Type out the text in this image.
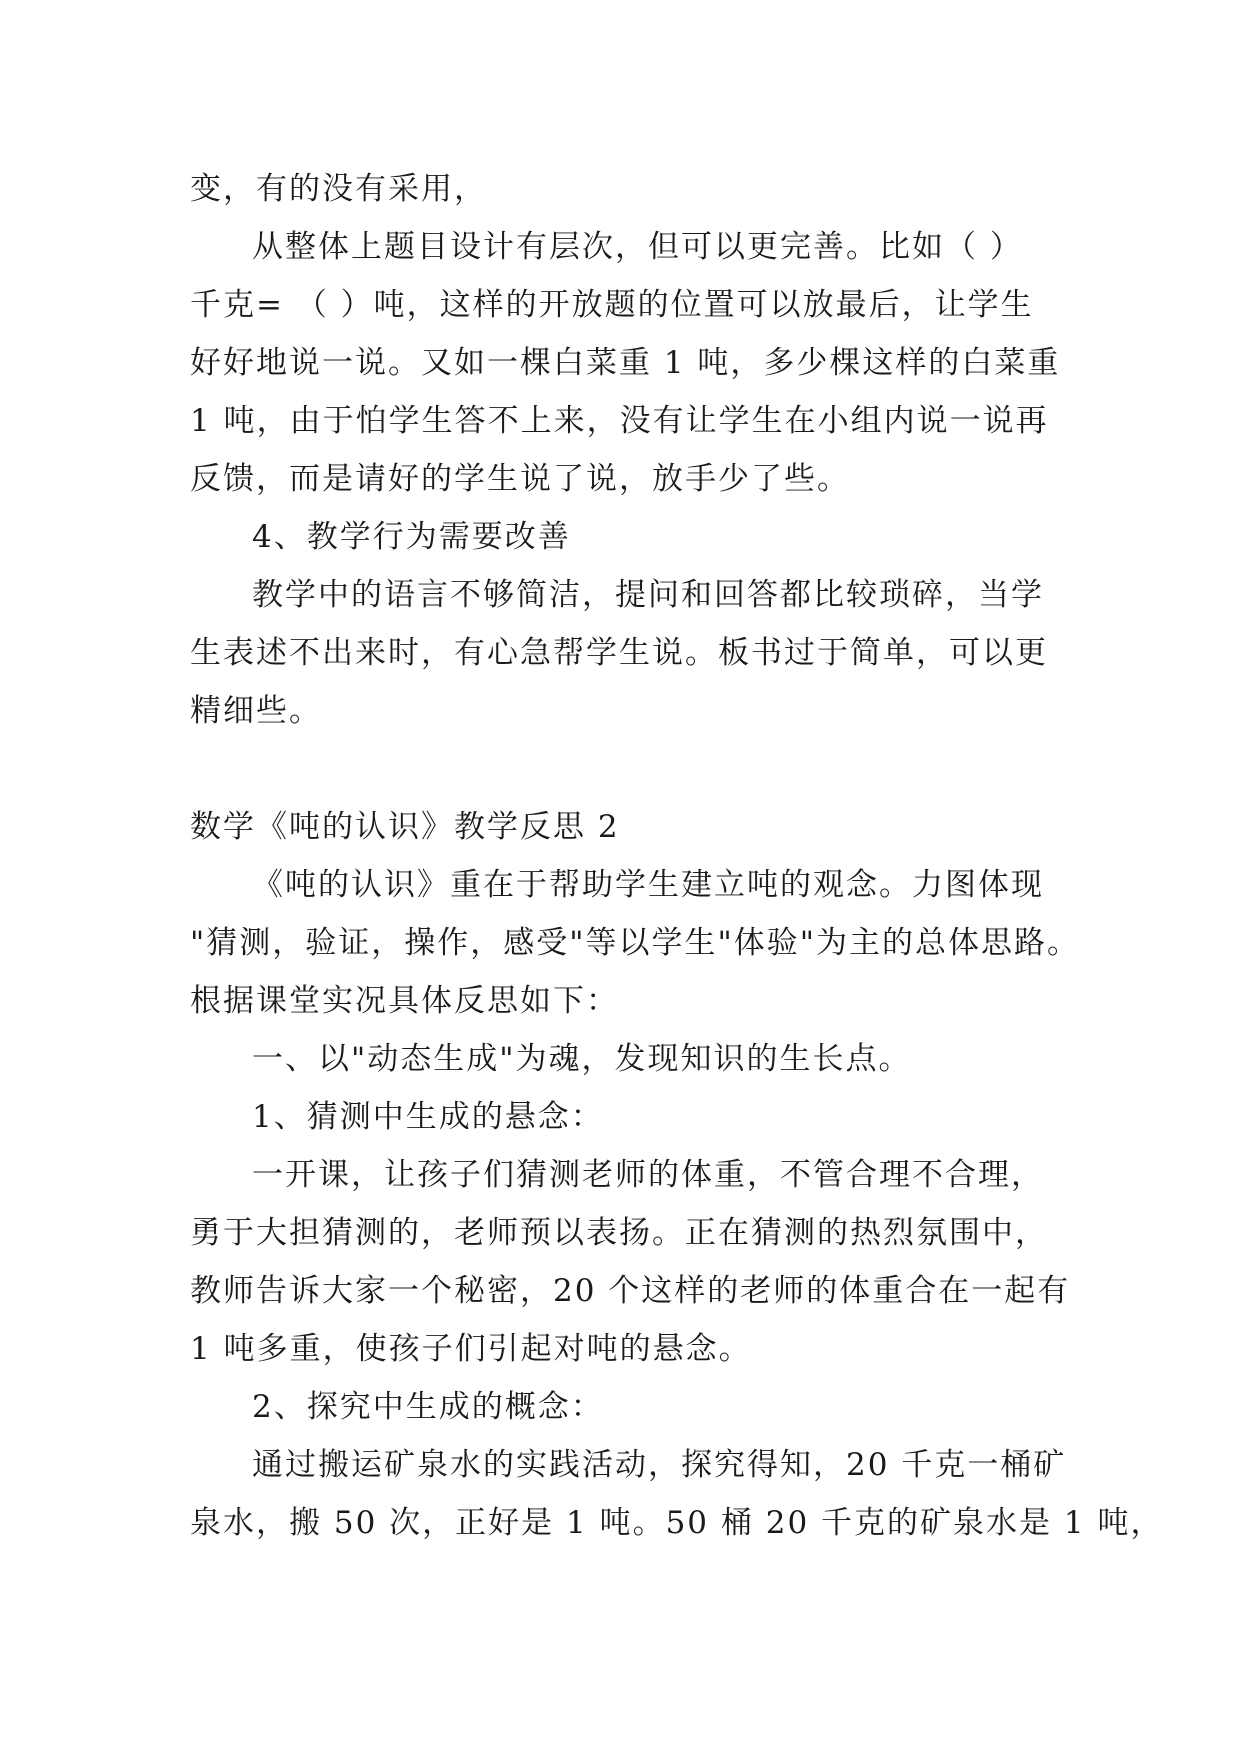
变，有的没有采用，
从整体上题目设计有层次，但可以更完善。比如（ ）
千克= （ ）吨，这样的开放题的位置可以放最后，让学生
好好地说一说。又如一棵白菜重 1 吨，多少棵这样的白菜重
1 吨，由于怕学生答不上来，没有让学生在小组内说一说再
反馈，而是请好的学生说了说，放手少了些。
4、教学行为需要改善
教学中的语言不够简洁，提问和回答都比较琐碎，当学
生表述不出来时，有心急帮学生说。板书过于简单，可以更
精细些。
数学《吨的认识》教学反思 2
《吨的认识》重在于帮助学生建立吨的观念。力图体现
"猜测，验证，操作，感受"等以学生"体验"为主的总体思路。
根据课堂实况具体反思如下：
一、以"动态生成"为魂，发现知识的生长点。
1、猜测中生成的悬念：
一开课，让孩子们猜测老师的体重，不管合理不合理，
勇于大担猜测的，老师预以表扬。正在猜测的热烈氛围中，
教师告诉大家一个秘密，20 个这样的老师的体重合在一起有
1 吨多重，使孩子们引起对吨的悬念。
2、探究中生成的概念：
通过搬运矿泉水的实践活动，探究得知，20 千克一桶矿
泉水，搬 50 次，正好是 1 吨。50 桶 20 千克的矿泉水是 1 吨，
